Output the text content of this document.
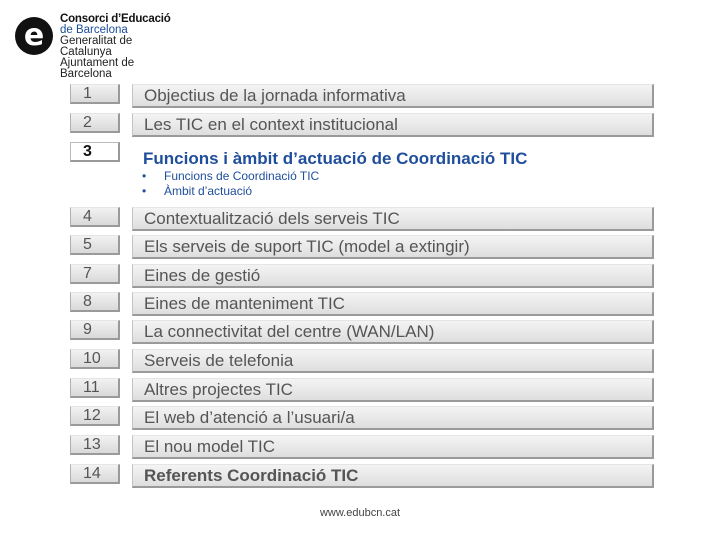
e Consorci d’Educació
de Barcelona
Generalitat de Catalunya
Ajuntament de Barcelona
1	Objectius de la jornada informativa
2	Les TIC en el context institucional
3	Funcions i àmbit d’actuació de Coordinació TIC
• Funcions de Coordinació TIC
• Àmbit d’actuació
4	Contextualització dels serveis TIC
5	Els serveis de suport TIC (model a extingir)
7	Eines de gestió
8	Eines de manteniment TIC
9	La connectivitat del centre (WAN/LAN)
10	Serveis de telefonia
11	Altres projectes TIC
12	El web d’atenció a l’usuari/a
13	El nou model TIC
14	Referents Coordinació TIC
www.edubcn.cat
